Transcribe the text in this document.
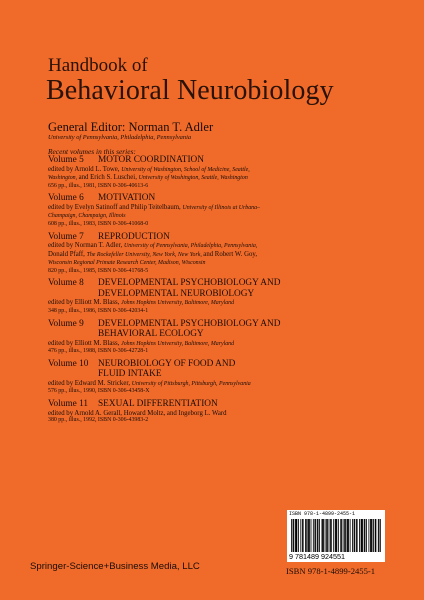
Handbook of
Behavioral Neurobiology
General Editor: Norman T. Adler
University of Pennsylvania, Philadelphia, Pennsylvania
Recent volumes in this series:
Volume 5 MOTOR COORDINATION
edited by Arnold L. Towe, University of Washington, School of Medicine, Seattle,
Washington, and Erich S. Luschei, University of Washington, Seattle, Washington
656 pp., illus., 1981, ISBN 0-306-40613-6
Volume 6 MOTIVATION
edited by Evelyn Satinoff and Philip Teitelbaum, University of Illinois at Urbana–
Champaign, Champaign, Illinois
608 pp., illus., 1983, ISBN 0-306-41068-0
Volume 7 REPRODUCTION
edited by Norman T. Adler, University of Pennsylvania, Philadelphia, Pennsylvania,
Donald Pfaff, The Rockefeller University, New York, New York, and Robert W. Goy,
Wisconsin Regional Primate Research Center, Madison, Wisconsin
820 pp., illus., 1985, ISBN 0-306-41768-5
Volume 8 DEVELOPMENTAL PSYCHOBIOLOGY AND
DEVELOPMENTAL NEUROBIOLOGY
edited by Elliott M. Blass, Johns Hopkins University, Baltimore, Maryland
348 pp., illus., 1986, ISBN 0-306-42034-1
Volume 9 DEVELOPMENTAL PSYCHOBIOLOGY AND
BEHAVIORAL ECOLOGY
edited by Elliott M. Blass, Johns Hopkins University, Baltimore, Maryland
476 pp., illus., 1988, ISBN 0-306-42728-1
Volume 10 NEUROBIOLOGY OF FOOD AND
FLUID INTAKE
edited by Edward M. Stricker, University of Pittsburgh, Pittsburgh, Pennsylvania
576 pp., illus., 1990, ISBN 0-306-43458-X
Volume 11 SEXUAL DIFFERENTIATION
edited by Arnold A. Gerall, Howard Moltz, and Ingeborg L. Ward
380 pp., illus., 1992, ISBN 0-306-43983-2
ISBN 978-1-4899-2455-1
9 781489 924551
Springer-Science+Business Media, LLC	ISBN 978-1-4899-2455-1
